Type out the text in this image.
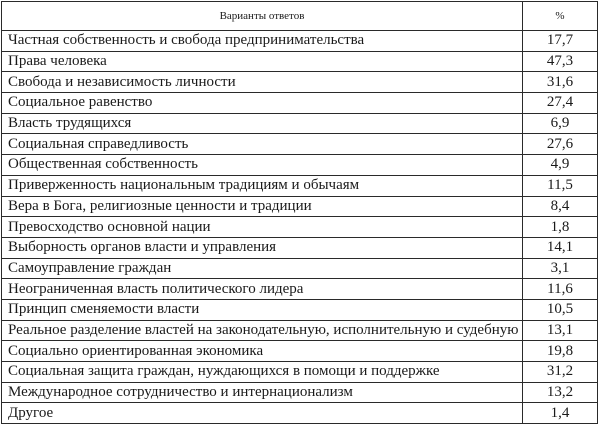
Варианты ответов	%
Частная собственность и свобода предпринимательства	17,7
Права человека	47,3
Свобода и независимость личности	31,6
Социальное равенство	27,4
Власть трудящихся	6,9
Социальная справедливость	27,6
Общественная собственность	4,9
Приверженность национальным традициям и обычаям	11,5
Вера в Бога, религиозные ценности и традиции	8,4
Превосходство основной нации	1,8
Выборность органов власти и управления	14,1
Самоуправление граждан	3,1
Неограниченная власть политического лидера	11,6
Принцип сменяемости власти	10,5
Реальное разделение властей на законодательную, исполнительную и судебную	13,1
Социально ориентированная экономика	19,8
Социальная защита граждан, нуждающихся в помощи и поддержке	31,2
Международное сотрудничество и интернационализм	13,2
Другое	1,4
